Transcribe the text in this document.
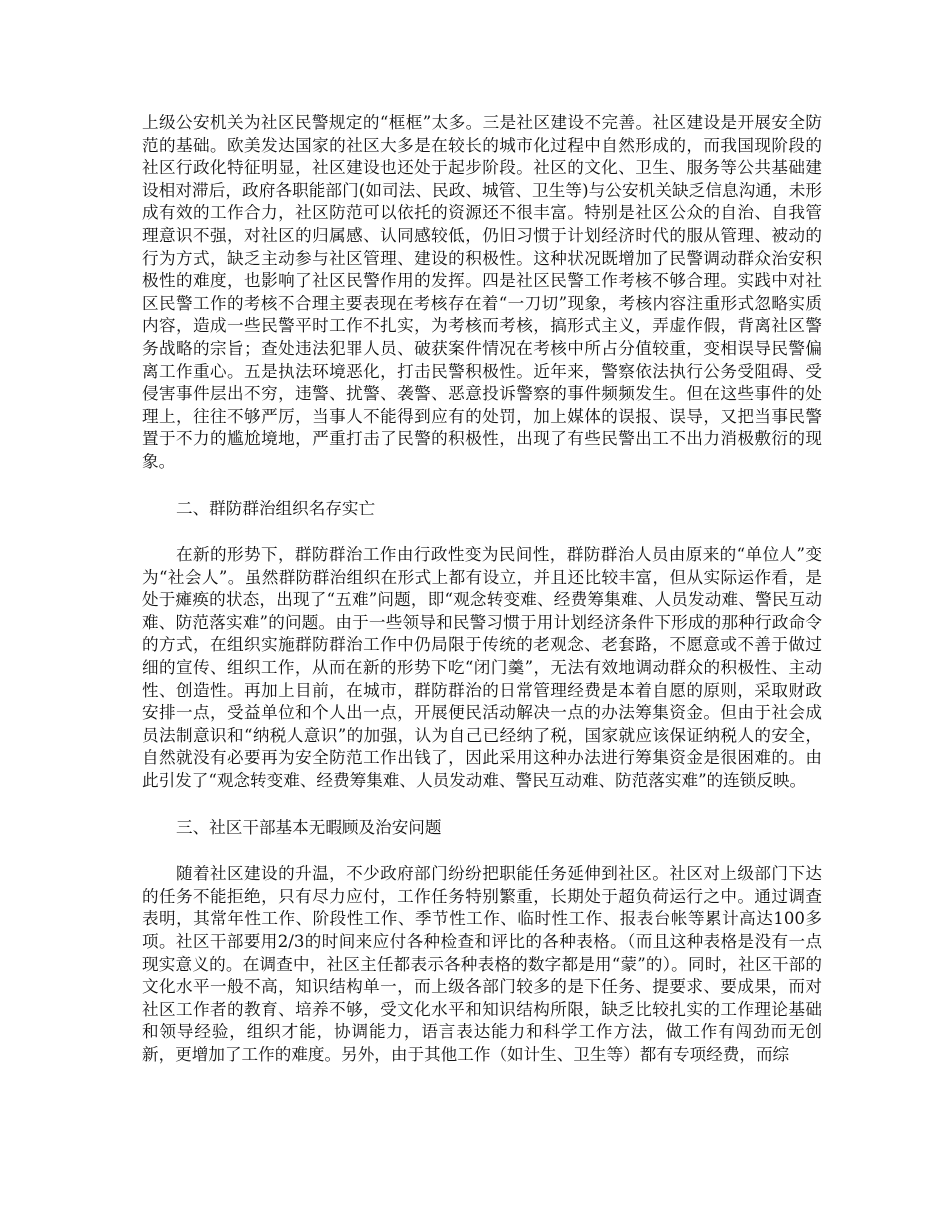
上级公安机关为社区民警规定的“框框”太多。三是社区建设不完善。社区建设是开展安全防范的基础。欧美发达国家的社区大多是在较长的城市化过程中自然形成的，而我国现阶段的社区行政化特征明显，社区建设也还处于起步阶段。社区的文化、卫生、服务等公共基础建设相对滞后，政府各职能部门(如司法、民政、城管、卫生等)与公安机关缺乏信息沟通，未形成有效的工作合力，社区防范可以依托的资源还不很丰富。特别是社区公众的自治、自我管理意识不强，对社区的归属感、认同感较低，仍旧习惯于计划经济时代的服从管理、被动的行为方式，缺乏主动参与社区管理、建设的积极性。这种状况既增加了民警调动群众治安积极性的难度，也影响了社区民警作用的发挥。四是社区民警工作考核不够合理。实践中对社区民警工作的考核不合理主要表现在考核存在着“一刀切”现象，考核内容注重形式忽略实质内容，造成一些民警平时工作不扎实，为考核而考核，搞形式主义，弄虚作假，背离社区警务战略的宗旨；查处违法犯罪人员、破获案件情况在考核中所占分值较重，变相误导民警偏离工作重心。五是执法环境恶化，打击民警积极性。近年来，警察依法执行公务受阻碍、受侵害事件层出不穷，违警、扰警、袭警、恶意投诉警察的事件频频发生。但在这些事件的处理上，往往不够严厉，当事人不能得到应有的处罚，加上媒体的误报、误导，又把当事民警置于不力的尴尬境地，严重打击了民警的积极性，出现了有些民警出工不出力消极敷衍的现象。

二、群防群治组织名存实亡

在新的形势下，群防群治工作由行政性变为民间性，群防群治人员由原来的“单位人”变为“社会人”。虽然群防群治组织在形式上都有设立，并且还比较丰富，但从实际运作看，是处于瘫痪的状态，出现了“五难”问题，即“观念转变难、经费筹集难、人员发动难、警民互动难、防范落实难”的问题。由于一些领导和民警习惯于用计划经济条件下形成的那种行政命令的方式，在组织实施群防群治工作中仍局限于传统的老观念、老套路，不愿意或不善于做过细的宣传、组织工作，从而在新的形势下吃“闭门羹”，无法有效地调动群众的积极性、主动性、创造性。再加上目前，在城市，群防群治的日常管理经费是本着自愿的原则，采取财政安排一点，受益单位和个人出一点，开展便民活动解决一点的办法筹集资金。但由于社会成员法制意识和“纳税人意识”的加强，认为自己已经纳了税，国家就应该保证纳税人的安全，自然就没有必要再为安全防范工作出钱了，因此采用这种办法进行筹集资金是很困难的。由此引发了“观念转变难、经费筹集难、人员发动难、警民互动难、防范落实难”的连锁反映。

三、社区干部基本无暇顾及治安问题

随着社区建设的升温，不少政府部门纷纷把职能任务延伸到社区。社区对上级部门下达的任务不能拒绝，只有尽力应付，工作任务特别繁重，长期处于超负荷运行之中。通过调查表明，其常年性工作、阶段性工作、季节性工作、临时性工作、报表台帐等累计高达100多项。社区干部要用2/3的时间来应付各种检查和评比的各种表格。（而且这种表格是没有一点现实意义的。在调查中，社区主任都表示各种表格的数字都是用“蒙”的）。同时，社区干部的文化水平一般不高，知识结构单一，而上级各部门较多的是下任务、提要求、要成果，而对社区工作者的教育、培养不够，受文化水平和知识结构所限，缺乏比较扎实的工作理论基础和领导经验，组织才能，协调能力，语言表达能力和科学工作方法，做工作有闯劲而无创新，更增加了工作的难度。另外，由于其他工作（如计生、卫生等）都有专项经费，而综
